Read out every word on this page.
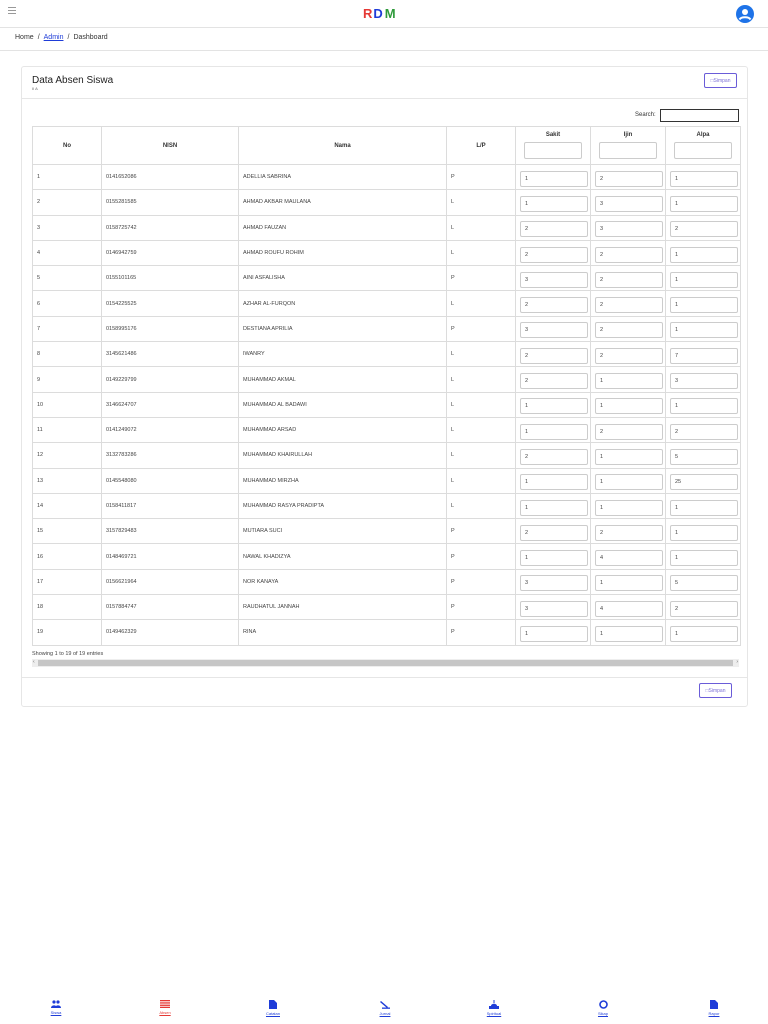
R D M
Home / Admin / Dashboard
Data Absen Siswa
II A
□ Simpan
Search:
No	NISN	Nama	L/P	Sakit	Ijin	Alpa

1	0141652086	ADELLIA SABRINA	P	1	2	1

2	0155281585	AHMAD AKBAR MAULANA	L	1	3	1

3	0158725742	AHMAD FAUZAN	L	2	3	2

4	0146942759	AHMAD ROUFU ROHIM	L	2	2	1

5	0155101165	AINI ASFALISHA	P	3	2	1

6	0154225525	AZHAR AL-FURQON	L	2	2	1

7	0158995176	DESTIANA APRILIA	P	3	2	1

8	3145621486	IWANRY	L	2	2	7

9	0149229799	MUHAMMAD AKMAL	L	2	1	3

10	3146624707	MUHAMMAD AL BADAWI	L	1	1	1

11	0141249072	MUHAMMAD ARSAD	L	1	2	2

12	3132783286	MUHAMMAD KHAIRULLAH	L	2	1	5

13	0145548080	MUHAMMAD MIRZHA	L	1	1	25

14	0158411817	MUHAMMAD RASYA PRADIPTA	L	1	1	1

15	3157829483	MUTIARA SUCI	P	2	2	1

16	0148469721	NAWAL KHADIZYA	P	1	4	1

17	0156621964	NOR KANAYA	P	3	1	5

18	0157884747	RAUDHATUL JANNAH	P	3	4	2

19	0149462329	RINA	P	1	1	1
Showing 1 to 19 of 19 entries
‹	›
□ Simpan
Siswa	Absen	Catatan	Jurnal	Spiritual	Sikap	Rapor
